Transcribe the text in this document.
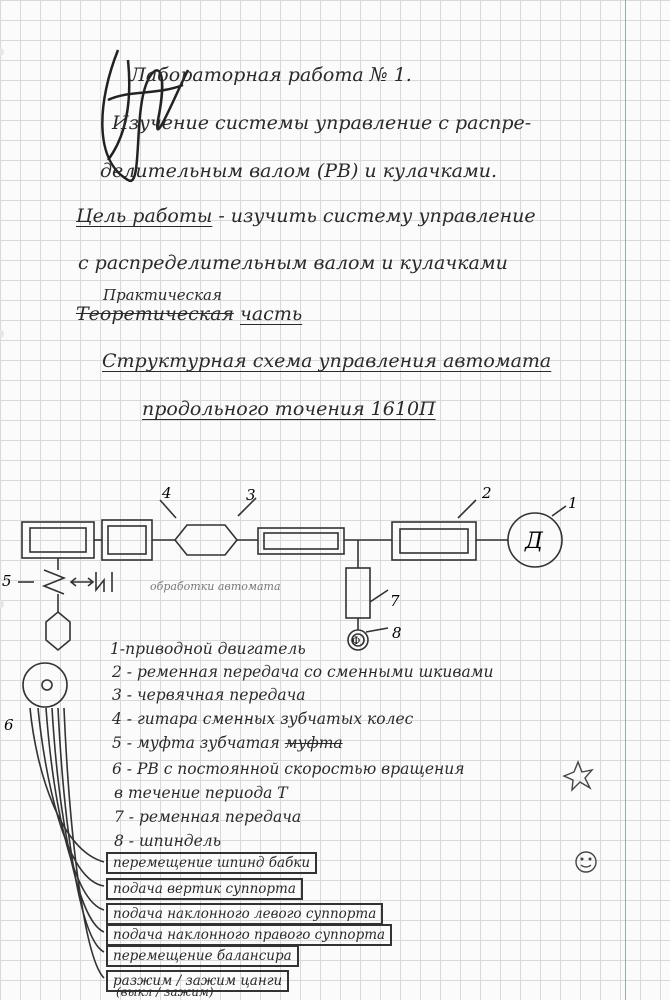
Лабораторная работа № 1.
Изучение системы управление с распре-
делительным валом (РВ) и кулачками.
Цель работы - изучить систему управление
с распределительным валом и кулачками
Практическая
Теоретическая часть
Структурная схема управления автомата
продольного точения 1610П
4	3	2
1
5
7
8
Д
Ф
обработки автомата
6
1-приводной двигатель
2 - ременная передача со сменными шкивами
3 - червячная передача
4 - гитара сменных зубчатых колес
5 - муфта зубчатая муфта
6 - РВ с постоянной скоростью вращения
в течение периода Т
7 - ременная передача
8 - шпиндель
перемещение шпинд бабки
подача вертик суппорта
подача наклонного левого суппорта
подача наклонного правого суппорта
перемещение балансира
разжим / зажим цанги
(выкл / зажим)
